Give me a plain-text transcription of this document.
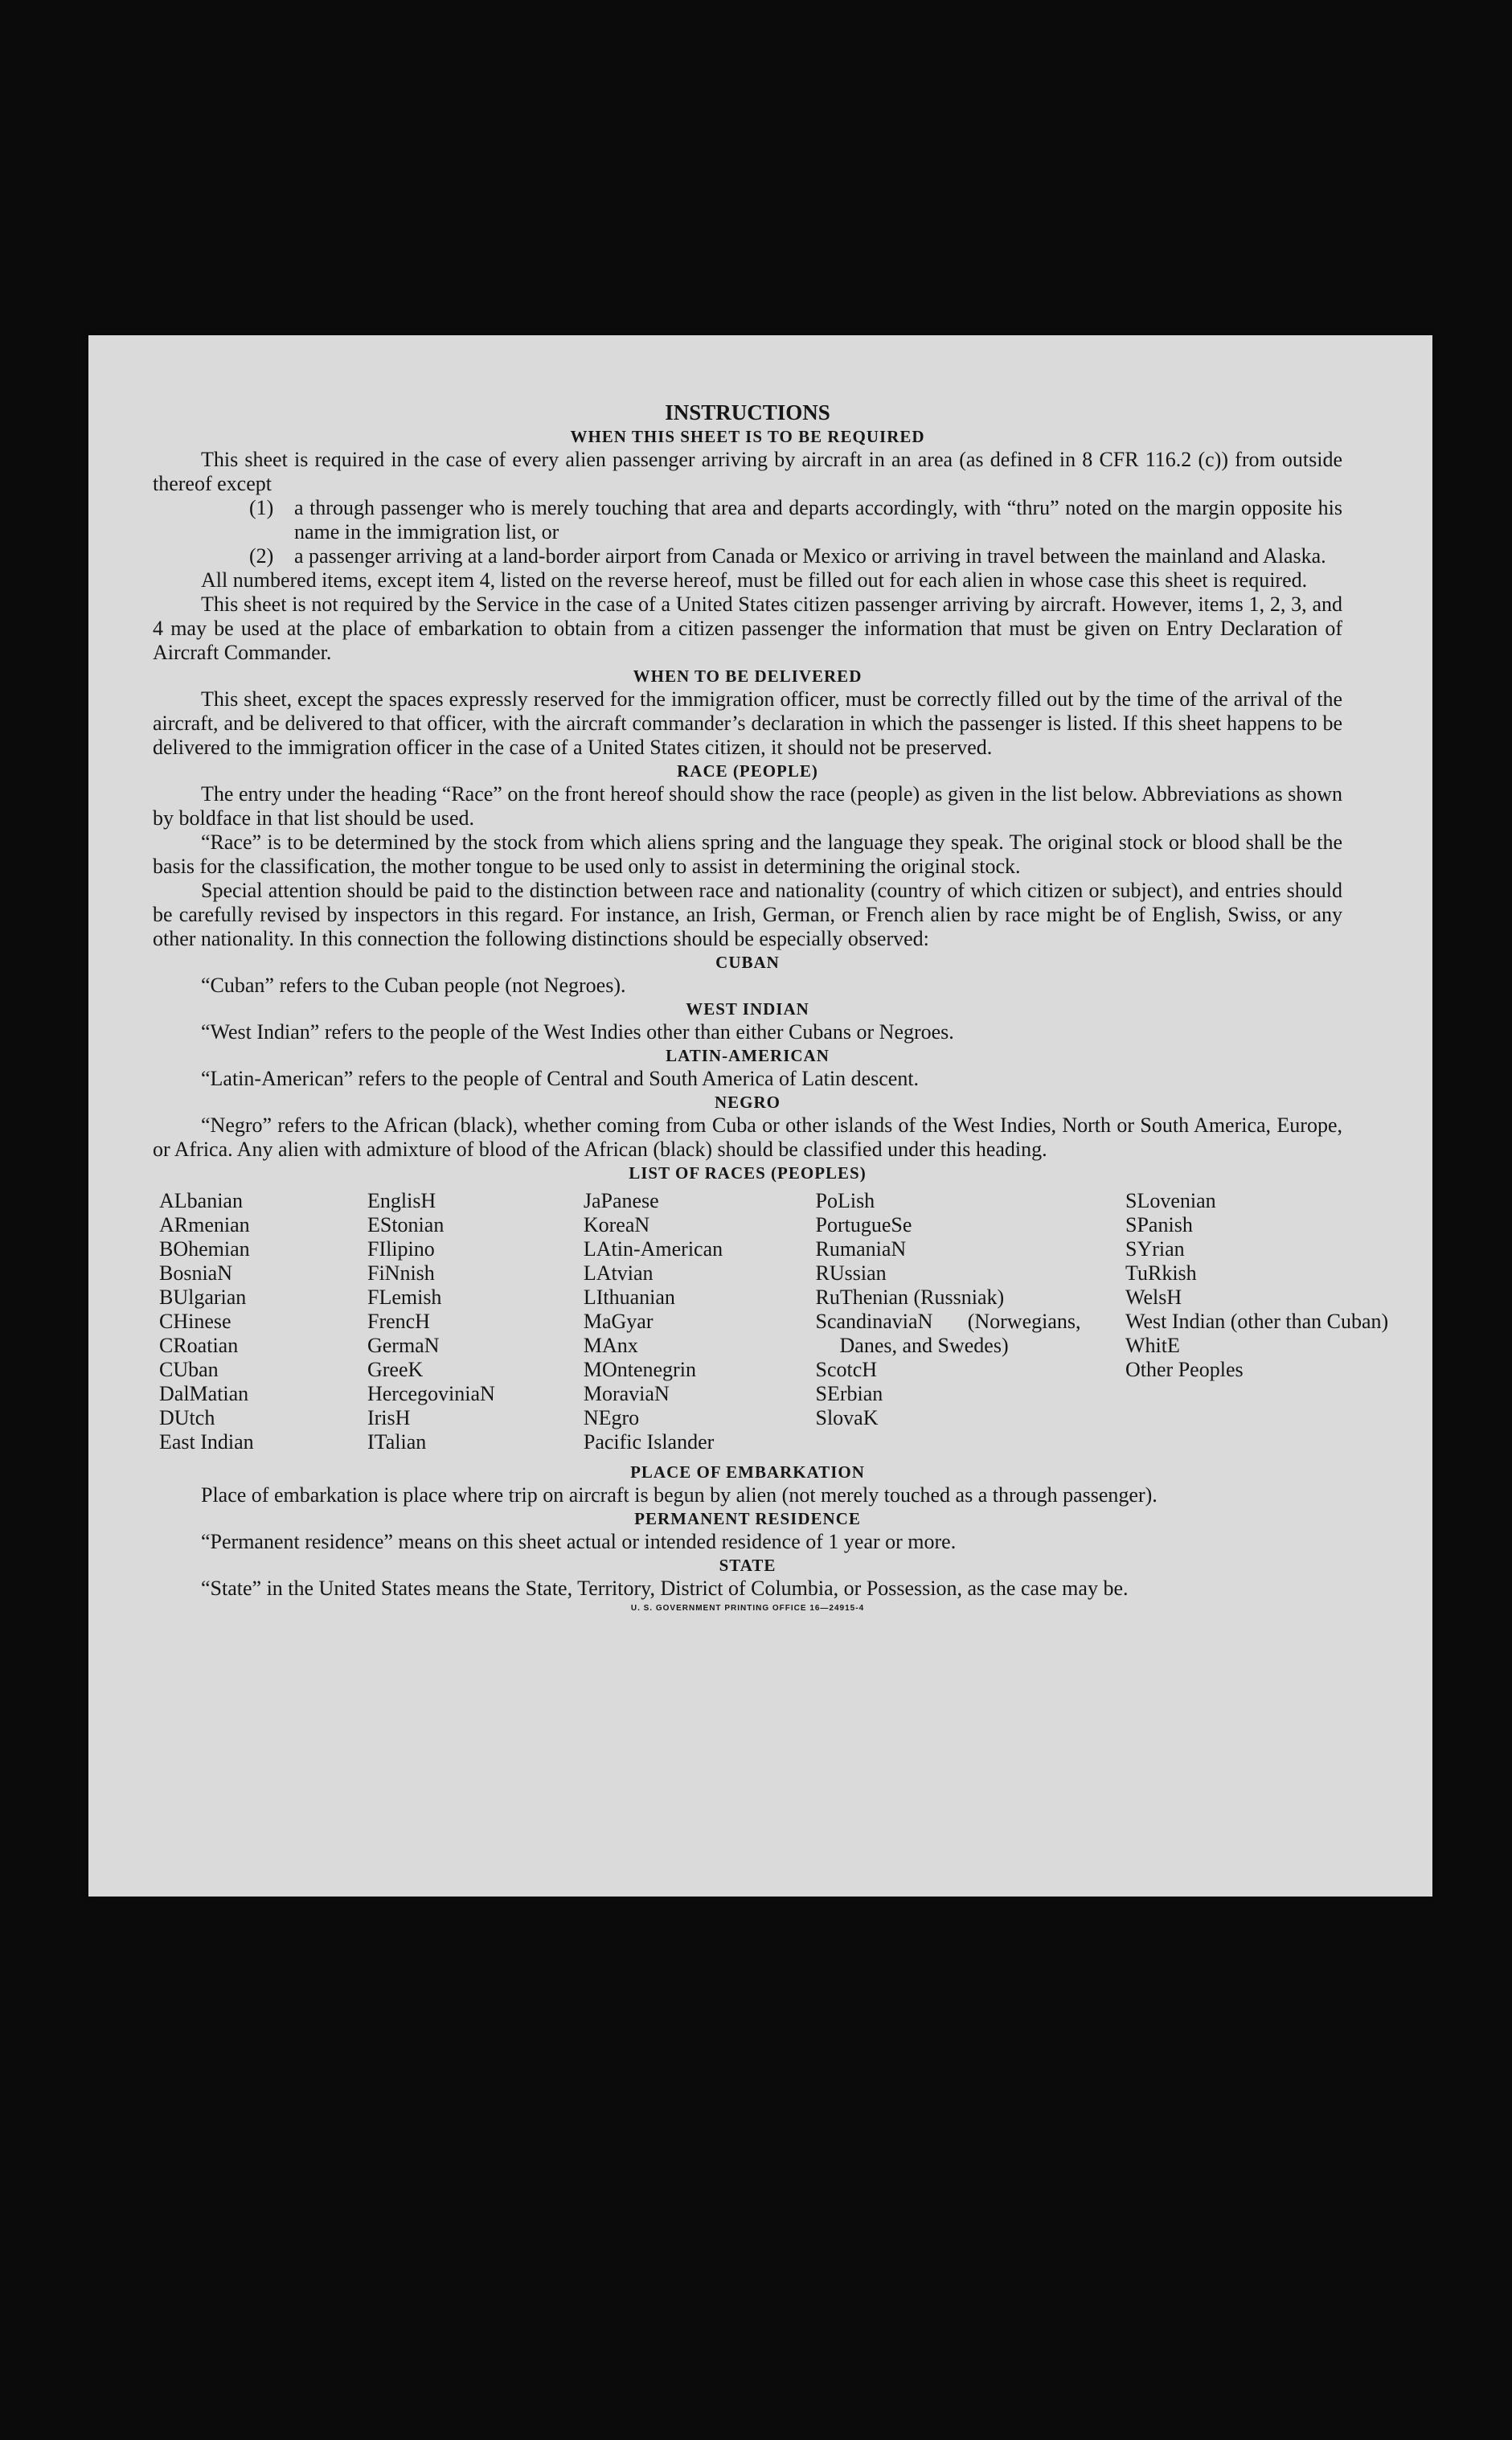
INSTRUCTIONS

WHEN THIS SHEET IS TO BE REQUIRED

This sheet is required in the case of every alien passenger arriving by aircraft in an area (as defined in 8 CFR 116.2 (c)) from outside thereof except

(1) a through passenger who is merely touching that area and departs accordingly, with “thru” noted on the margin opposite his name in the immigration list, or
(2) a passenger arriving at a land-border airport from Canada or Mexico or arriving in travel between the mainland and Alaska.

All numbered items, except item 4, listed on the reverse hereof, must be filled out for each alien in whose case this sheet is required.

This sheet is not required by the Service in the case of a United States citizen passenger arriving by aircraft. However, items 1, 2, 3, and 4 may be used at the place of embarkation to obtain from a citizen passenger the information that must be given on Entry Declaration of Aircraft Commander.

WHEN TO BE DELIVERED

This sheet, except the spaces expressly reserved for the immigration officer, must be correctly filled out by the time of the arrival of the aircraft, and be delivered to that officer, with the aircraft commander’s declaration in which the passenger is listed. If this sheet happens to be delivered to the immigration officer in the case of a United States citizen, it should not be preserved.

RACE (PEOPLE)

The entry under the heading “Race” on the front hereof should show the race (people) as given in the list below. Abbreviations as shown by boldface in that list should be used.

“Race” is to be determined by the stock from which aliens spring and the language they speak. The original stock or blood shall be the basis for the classification, the mother tongue to be used only to assist in determining the original stock.

Special attention should be paid to the distinction between race and nationality (country of which citizen or subject), and entries should be carefully revised by inspectors in this regard. For instance, an Irish, German, or French alien by race might be of English, Swiss, or any other nationality. In this connection the following distinctions should be especially observed:

CUBAN

“Cuban” refers to the Cuban people (not Negroes).

WEST INDIAN

“West Indian” refers to the people of the West Indies other than either Cubans or Negroes.

LATIN-AMERICAN

“Latin-American” refers to the people of Central and South America of Latin descent.

NEGRO

“Negro” refers to the African (black), whether coming from Cuba or other islands of the West Indies, North or South America, Europe, or Africa. Any alien with admixture of blood of the African (black) should be classified under this heading.

LIST OF RACES (PEOPLES)

ALbanian
ARmenian
BOhemian
BosniaN
BUlgarian
CHinese
CRoatian
CUban
DalMatian
DUtch
East Indian
EnglisH
EStonian
FIlipino
FiNnish
FLemish
FrencH
GermaN
GreeK
HercegoviniaN
IrisH
ITalian
JaPanese
KoreaN
LAtin-American
LAtvian
LIthuanian
MaGyar
MAnx
MOntenegrin
MoraviaN
NEgro
Pacific Islander
PoLish
PortugueSe
RumaniaN
RUssian
RuThenian (Russniak)
ScandinaviaN (Norwegians, Danes, and Swedes)
ScotcH
SErbian
SlovaK
SLovenian
SPanish
SYrian
TuRkish
WelsH
West Indian (other than Cuban)
WhitE
Other Peoples

PLACE OF EMBARKATION

Place of embarkation is place where trip on aircraft is begun by alien (not merely touched as a through passenger).

PERMANENT RESIDENCE

“Permanent residence” means on this sheet actual or intended residence of 1 year or more.

STATE

“State” in the United States means the State, Territory, District of Columbia, or Possession, as the case may be.

U. S. GOVERNMENT PRINTING OFFICE 16—24915-4
